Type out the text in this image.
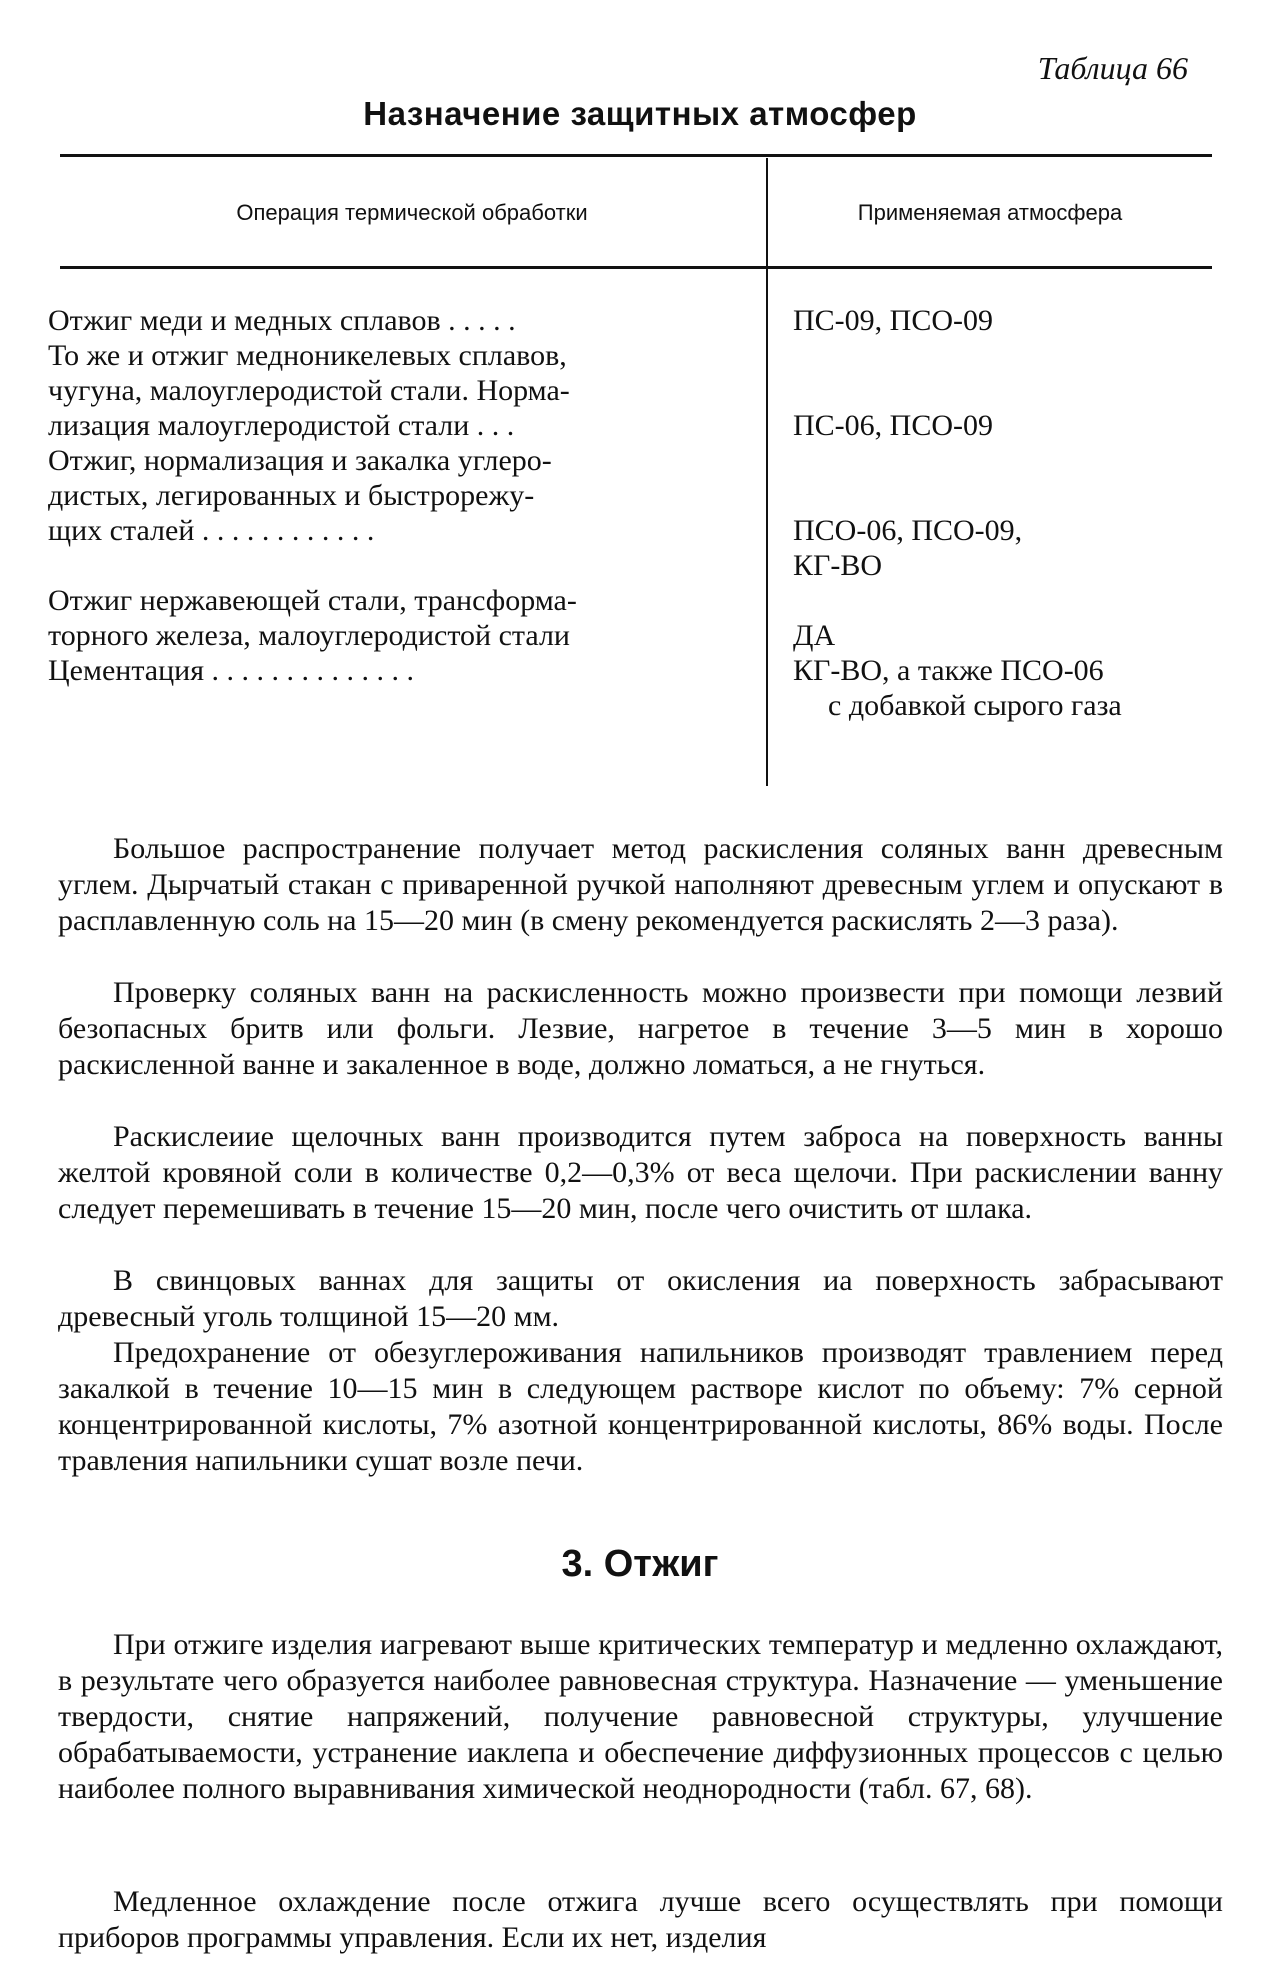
Таблица 66
Назначение защитных атмосфер
Операция термической обработки	Применяемая атмосфера
Отжиг меди и медных сплавов . . . . .
То же и отжиг медноникелевых сплавов,
чугуна, малоуглеродистой стали. Норма-
лизация малоуглеродистой стали . . .
Отжиг, нормализация и закалка углеро-
дистых, легированных и быстрорежу-
щих сталей . . . . . . . . . . . .
Отжиг нержавеющей стали, трансформа-
торного железа, малоуглеродистой стали
Цементация . . . . . . . . . . . . . .
ПС-09, ПСО-09
ПС-06, ПСО-09
ПСО-06, ПСО-09,
КГ-ВО
ДА
КГ-ВО, а также ПСО-06
с добавкой сырого газа

Большое распространение получает метод раскисления соляных ванн древесным углем. Дырчатый стакан с приваренной ручкой наполняют древесным углем и опускают в расплавленную соль на 15—20 мин (в смену рекомендуется раскислять 2—3 раза).

Проверку соляных ванн на раскисленность можно произвести при помощи лезвий безопасных бритв или фольги. Лезвие, нагретое в течение 3—5 мин в хорошо раскисленной ванне и закаленное в воде, должно ломаться, а не гнуться.

Раскислеиие щелочных ванн производится путем заброса на поверхность ванны желтой кровяной соли в количестве 0,2—0,3% от веса щелочи. При раскислении ванну следует перемешивать в течение 15—20 мин, после чего очистить от шлака.

В свинцовых ваннах для защиты от окисления иа поверхность забрасывают древесный уголь толщиной 15—20 мм.

Предохранение от обезуглероживания напильников производят травлением перед закалкой в течение 10—15 мин в следующем растворе кислот по объему: 7% серной концентрированной кислоты, 7% азотной концентрированной кислоты, 86% воды. После травления напильники сушат возле печи.

3. Отжиг

При отжиге изделия иагревают выше критических температур и медленно охлаждают, в результате чего образуется наиболее равновесная структура. Назначение — уменьшение твердости, снятие напряжений, получение равновесной структуры, улучшение обрабатываемости, устранение иаклепа и обеспечение диффузионных процессов с целью наиболее полного выравнивания химической неоднородности (табл. 67, 68).

Медленное охлаждение после отжига лучше всего осуществлять при помощи приборов программы управления. Если их нет, изделия
